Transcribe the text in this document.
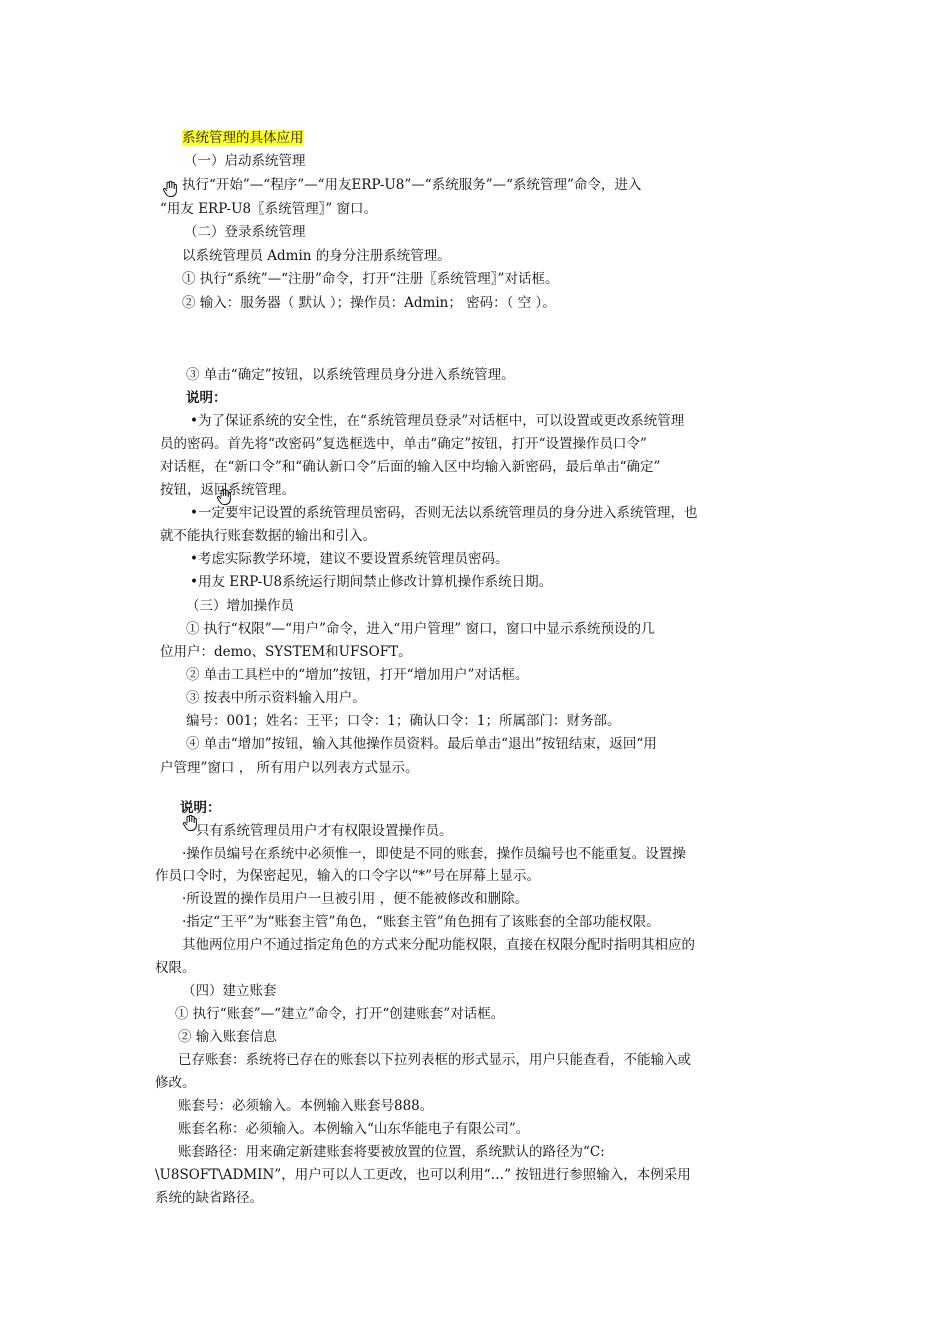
系统管理的具体应用
（一）启动系统管理
执行“开始”—“程序”—“用友ERP-U8”—“系统服务”—“系统管理”命令，进入
“用友 ERP-U8〖系统管理〗” 窗口。
（二）登录系统管理
以系统管理员 Admin 的身分注册系统管理。
① 执行“系统”—“注册”命令，打开“注册〖系统管理〗”对话框。
② 输入：服务器（ 默认 ）；操作员：Admin； 密码：（ 空 ）。
③ 单击“确定”按钮，以系统管理员身分进入系统管理。
说明：
•为了保证系统的安全性，在“系统管理员登录”对话框中，可以设置或更改系统管理
员的密码。首先将“改密码”复选框选中，单击“确定”按钮，打开“设置操作员口令”
对话框，在“新口令”和“确认新口令”后面的输入区中均输入新密码，最后单击“确定”
按钮，返回系统管理。
•一定要牢记设置的系统管理员密码，否则无法以系统管理员的身分进入系统管理，也
就不能执行账套数据的输出和引入。
•考虑实际教学环境，建议不要设置系统管理员密码。
•用友 ERP-U8系统运行期间禁止修改计算机操作系统日期。
（三）增加操作员
① 执行“权限”—“用户”命令，进入“用户管理” 窗口，窗口中显示系统预设的几
位用户：demo、SYSTEM和UFSOFT。
② 单击工具栏中的“增加”按钮，打开“增加用户”对话框。
③ 按表中所示资料输入用户。
编号：001；姓名：王平；口令：1；确认口令：1；所属部门：财务部。
④ 单击“增加”按钮，输入其他操作员资料。最后单击“退出”按钮结束，返回“用
户管理”窗口 ， 所有用户以列表方式显示。
说明：
只有系统管理员用户才有权限设置操作员。
·操作员编号在系统中必须惟一，即使是不同的账套，操作员编号也不能重复。设置操
作员口令时，为保密起见，输入的口令字以“*”号在屏幕上显示。
·所设置的操作员用户一旦被引用 ，便不能被修改和删除。
·指定“王平”为“账套主管”角色，“账套主管”角色拥有了该账套的全部功能权限。
其他两位用户不通过指定角色的方式来分配功能权限，直接在权限分配时指明其相应的
权限。
（四）建立账套
① 执行“账套”—“建立”命令，打开“创建账套”对话框。
② 输入账套信息
已存账套：系统将已存在的账套以下拉列表框的形式显示，用户只能查看，不能输入或
修改。
账套号：必须输入。本例输入账套号888。
账套名称：必须输入。本例输入“山东华能电子有限公司”。
账套路径：用来确定新建账套将要被放置的位置，系统默认的路径为“C:
\U8SOFT\ADMIN”，用户可以人工更改，也可以利用“…” 按钮进行参照输入，本例采用
系统的缺省路径。
